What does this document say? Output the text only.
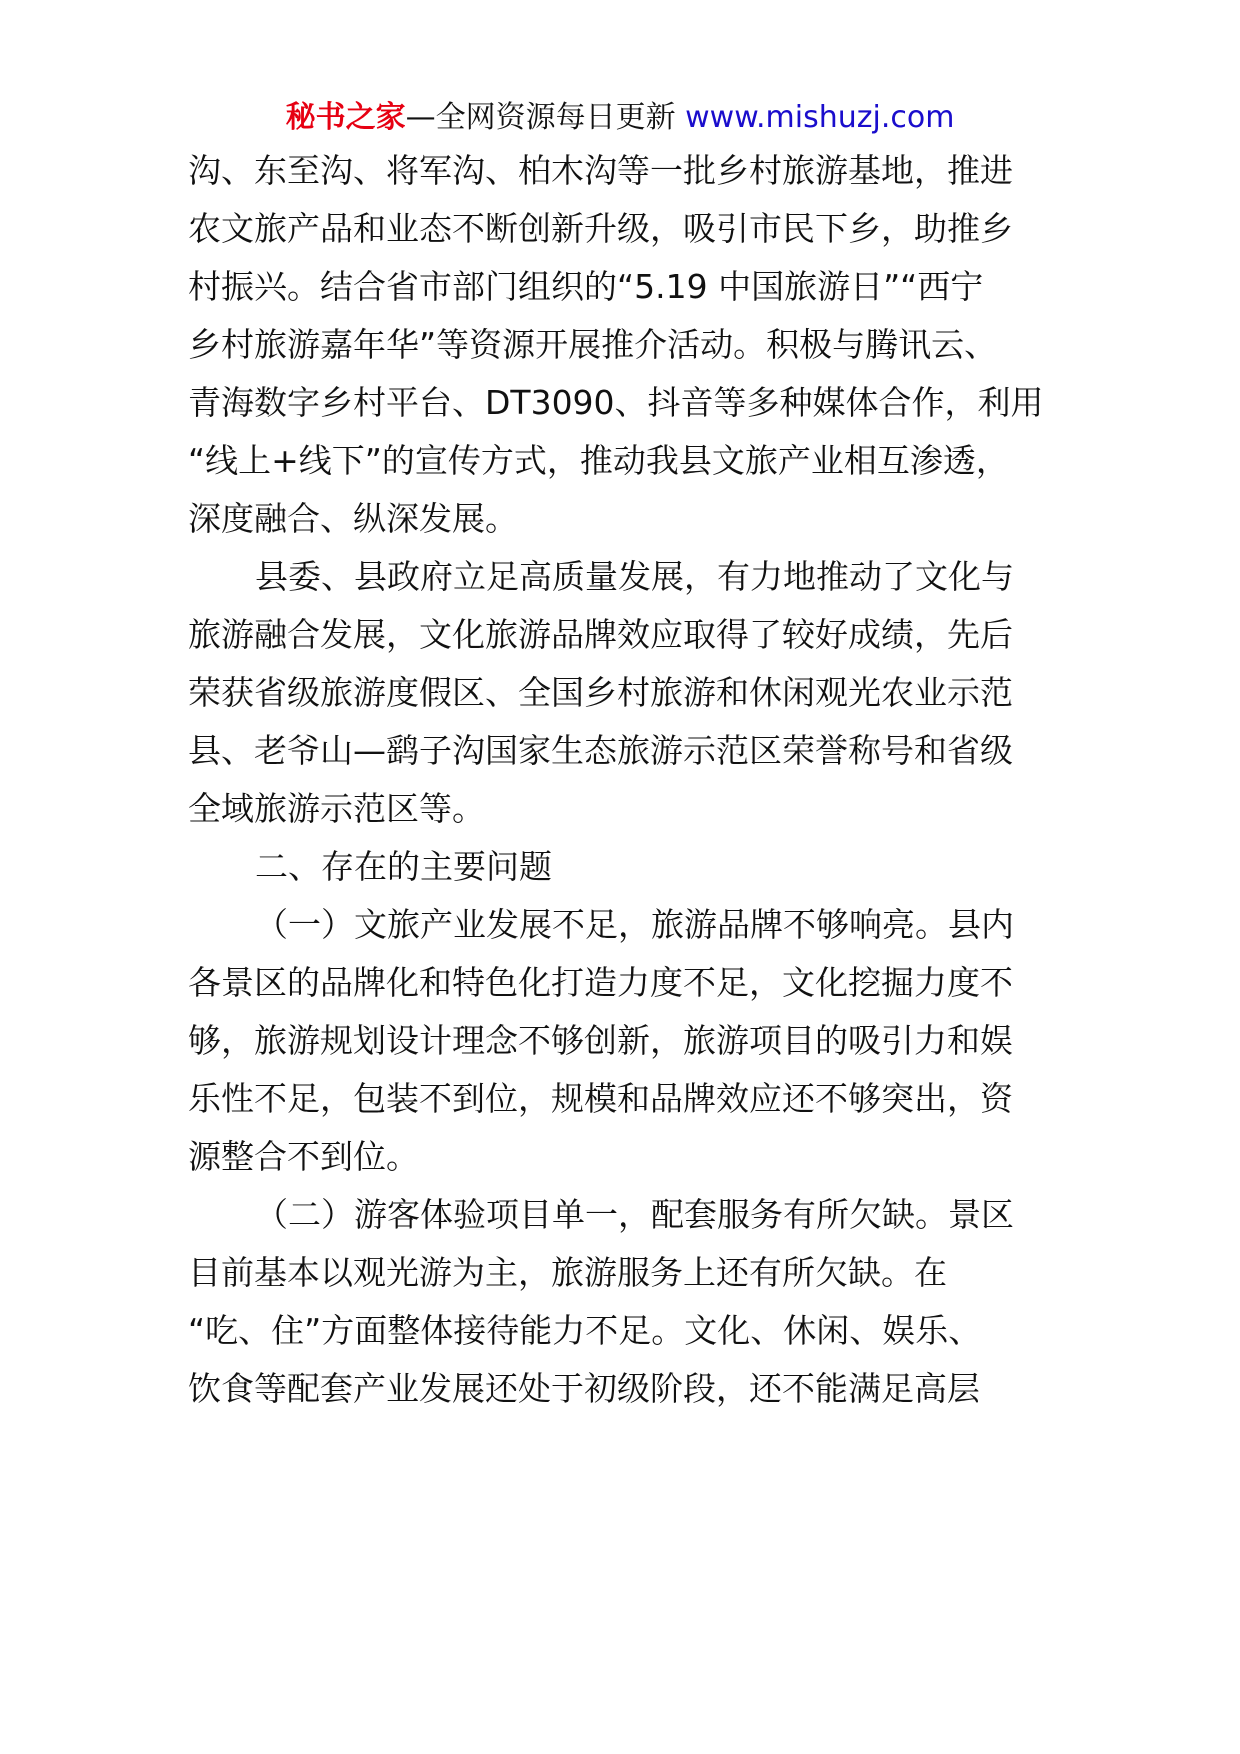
秘书之家—全网资源每日更新 www.mishuzj.com
沟、东至沟、将军沟、柏木沟等一批乡村旅游基地，推进
农文旅产品和业态不断创新升级，吸引市民下乡，助推乡
村振兴。结合省市部门组织的“5.19 中国旅游日”“西宁
乡村旅游嘉年华”等资源开展推介活动。积极与腾讯云、
青海数字乡村平台、DT3090、抖音等多种媒体合作，利用
“线上+线下”的宣传方式，推动我县文旅产业相互渗透，
深度融合、纵深发展。
县委、县政府立足高质量发展，有力地推动了文化与
旅游融合发展，文化旅游品牌效应取得了较好成绩，先后
荣获省级旅游度假区、全国乡村旅游和休闲观光农业示范
县、老爷山—鹞子沟国家生态旅游示范区荣誉称号和省级
全域旅游示范区等。
二、存在的主要问题
（一）文旅产业发展不足，旅游品牌不够响亮。县内
各景区的品牌化和特色化打造力度不足，文化挖掘力度不
够，旅游规划设计理念不够创新，旅游项目的吸引力和娱
乐性不足，包装不到位，规模和品牌效应还不够突出，资
源整合不到位。
（二）游客体验项目单一，配套服务有所欠缺。景区
目前基本以观光游为主，旅游服务上还有所欠缺。在
“吃、住”方面整体接待能力不足。文化、休闲、娱乐、
饮食等配套产业发展还处于初级阶段，还不能满足高层
